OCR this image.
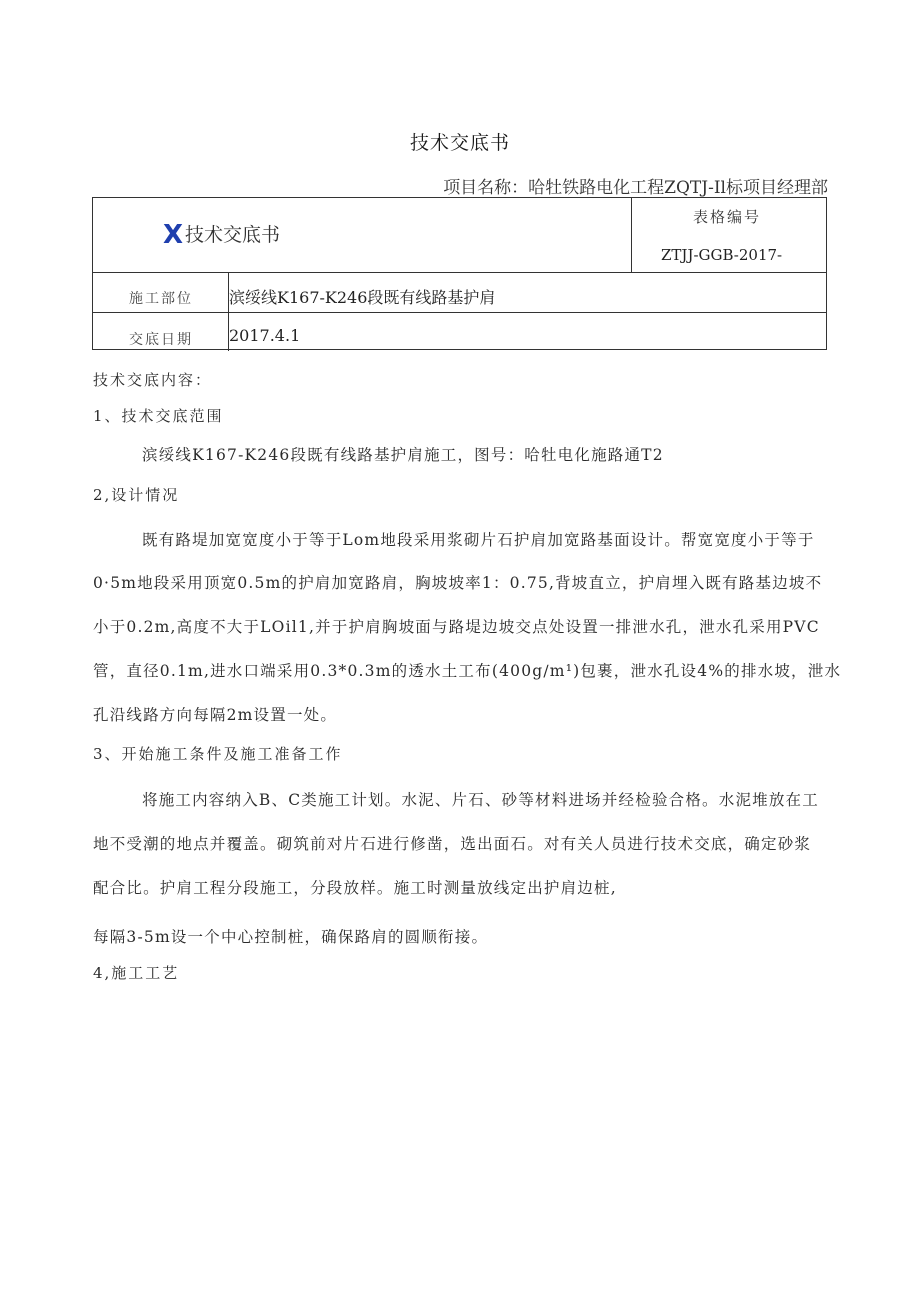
技术交底书
项目名称：哈牡铁路电化工程ZQTJ-Il标项目经理部
X 技术交底书
表格编号
ZTJJ-GGB-2017-
施工部位 滨绥线K167-K246段既有线路基护肩
交底日期 2017.4.1
技术交底内容：
1、技术交底范围
滨绥线K167-K246段既有线路基护肩施工，图号：哈牡电化施路通T2
2,设计情况
既有路堤加宽宽度小于等于Lom地段采用浆砌片石护肩加宽路基面设计。帮宽宽度小于等于
0·5m地段采用顶宽0.5m的护肩加宽路肩，胸坡坡率1：0.75,背坡直立，护肩埋入既有路基边坡不
小于0.2m,高度不大于LOil1,并于护肩胸坡面与路堤边坡交点处设置一排泄水孔，泄水孔采用PVC
管，直径0.1m,进水口端采用0.3*0.3m的透水土工布(400g∕m¹)包裹，泄水孔设4%的排水坡，泄水
孔沿线路方向每隔2m设置一处。
3、开始施工条件及施工准备工作
将施工内容纳入B、C类施工计划。水泥、片石、砂等材料进场并经检验合格。水泥堆放在工
地不受潮的地点并覆盖。砌筑前对片石进行修凿，选出面石。对有关人员进行技术交底，确定砂浆
配合比。护肩工程分段施工，分段放样。施工时测量放线定出护肩边桩,
每隔3-5m设一个中心控制桩，确保路肩的圆顺衔接。
4,施工工艺
